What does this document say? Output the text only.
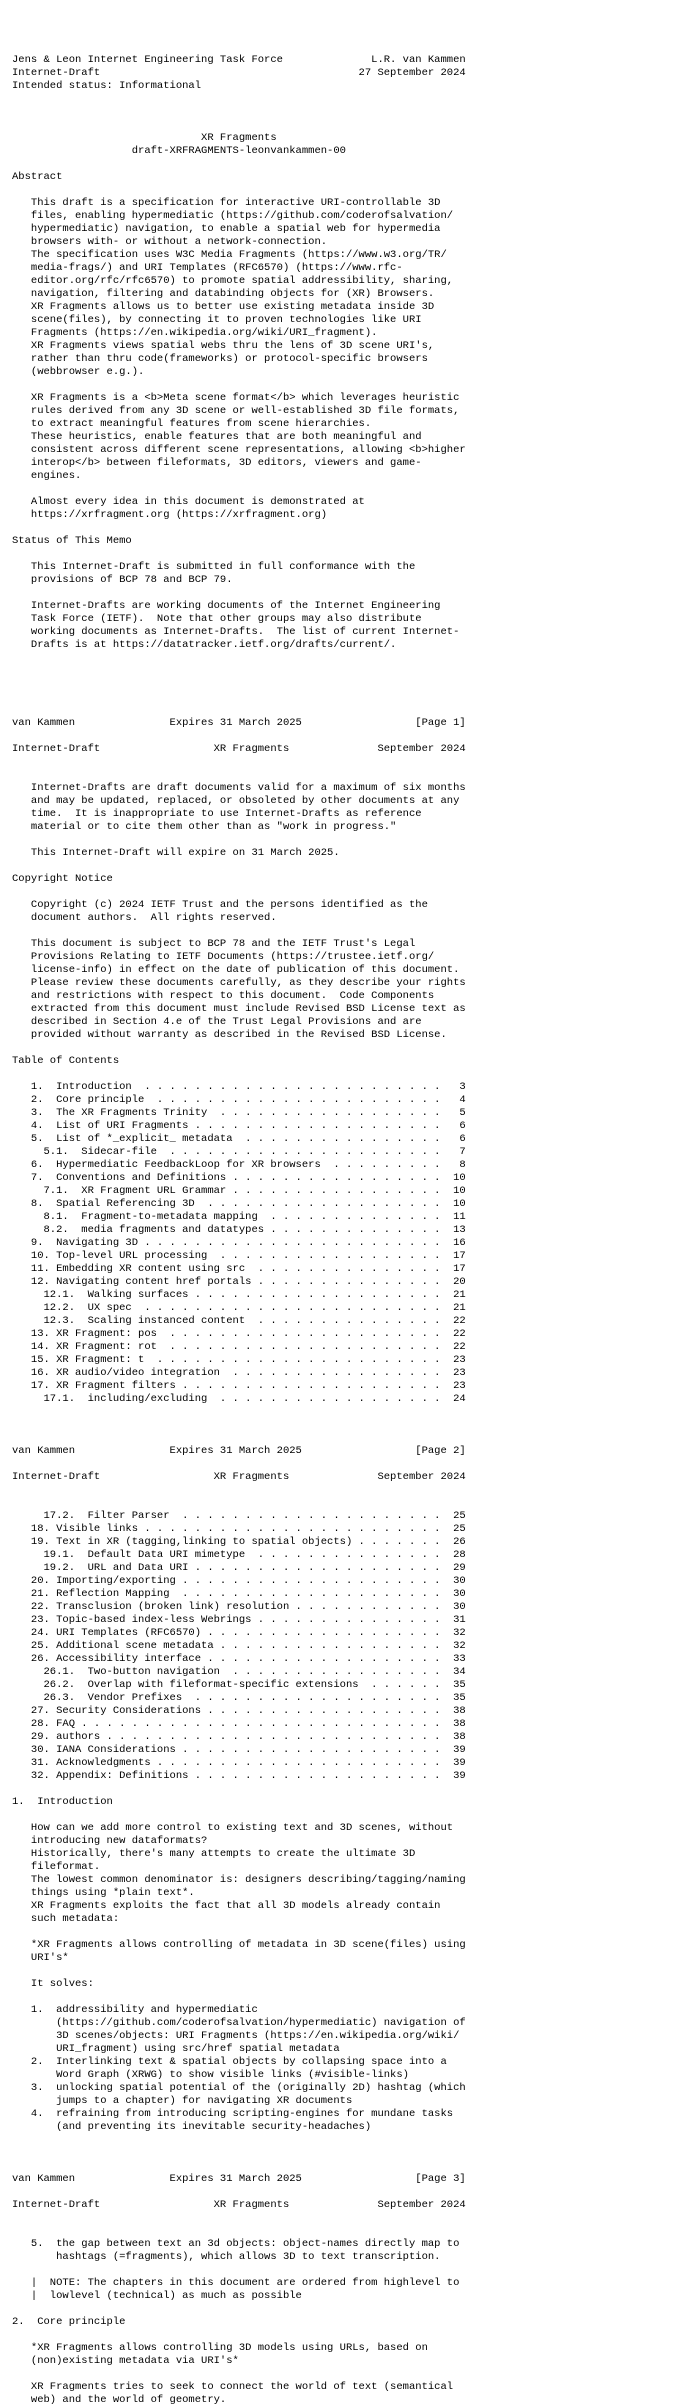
Jens & Leon Internet Engineering Task Force              L.R. van Kammen
Internet-Draft                                         27 September 2024
Intended status: Informational
XR Fragments
draft-XRFRAGMENTS-leonvankammen-00
Abstract
This draft is a specification for interactive URI-controllable 3D
files, enabling hypermediatic (https://github.com/coderofsalvation/
hypermediatic) navigation, to enable a spatial web for hypermedia
browsers with- or without a network-connection.
The specification uses W3C Media Fragments (https://www.w3.org/TR/
media-frags/) and URI Templates (RFC6570) (https://www.rfc-
editor.org/rfc/rfc6570) to promote spatial addressibility, sharing,
navigation, filtering and databinding objects for (XR) Browsers.
XR Fragments allows us to better use existing metadata inside 3D
scene(files), by connecting it to proven technologies like URI
Fragments (https://en.wikipedia.org/wiki/URI_fragment).
XR Fragments views spatial webs thru the lens of 3D scene URI's,
rather than thru code(frameworks) or protocol-specific browsers
(webbrowser e.g.).
XR Fragments is a <b>Meta scene format</b> which leverages heuristic
rules derived from any 3D scene or well-established 3D file formats,
to extract meaningful features from scene hierarchies.
These heuristics, enable features that are both meaningful and
consistent across different scene representations, allowing <b>higher
interop</b> between fileformats, 3D editors, viewers and game-
engines.
Almost every idea in this document is demonstrated at
https://xrfragment.org (https://xrfragment.org)
Status of This Memo
This Internet-Draft is submitted in full conformance with the
provisions of BCP 78 and BCP 79.
Internet-Drafts are working documents of the Internet Engineering
Task Force (IETF).  Note that other groups may also distribute
working documents as Internet-Drafts.  The list of current Internet-
Drafts is at https://datatracker.ietf.org/drafts/current/.
van Kammen               Expires 31 March 2025                  [Page 1]
Internet-Draft                  XR Fragments              September 2024
Internet-Drafts are draft documents valid for a maximum of six months
and may be updated, replaced, or obsoleted by other documents at any
time.  It is inappropriate to use Internet-Drafts as reference
material or to cite them other than as "work in progress."
This Internet-Draft will expire on 31 March 2025.
Copyright Notice
Copyright (c) 2024 IETF Trust and the persons identified as the
document authors.  All rights reserved.
This document is subject to BCP 78 and the IETF Trust's Legal
Provisions Relating to IETF Documents (https://trustee.ietf.org/
license-info) in effect on the date of publication of this document.
Please review these documents carefully, as they describe your rights
and restrictions with respect to this document.  Code Components
extracted from this document must include Revised BSD License text as
described in Section 4.e of the Trust Legal Provisions and are
provided without warranty as described in the Revised BSD License.
Table of Contents
1.  Introduction  . . . . . . . . . . . . . . . . . . . . . . . .   3
2.  Core principle  . . . . . . . . . . . . . . . . . . . . . . .   4
3.  The XR Fragments Trinity  . . . . . . . . . . . . . . . . . .   5
4.  List of URI Fragments . . . . . . . . . . . . . . . . . . . .   6
5.  List of *_explicit_ metadata  . . . . . . . . . . . . . . . .   6
5.1.  Sidecar-file  . . . . . . . . . . . . . . . . . . . . . .   7
6.  Hypermediatic FeedbackLoop for XR browsers  . . . . . . . . .   8
7.  Conventions and Definitions . . . . . . . . . . . . . . . . .  10
7.1.  XR Fragment URL Grammar . . . . . . . . . . . . . . . . .  10
8.  Spatial Referencing 3D  . . . . . . . . . . . . . . . . . . .  10
8.1.  Fragment-to-metadata mapping  . . . . . . . . . . . . . .  11
8.2.  media fragments and datatypes . . . . . . . . . . . . . .  13
9.  Navigating 3D . . . . . . . . . . . . . . . . . . . . . . . .  16
10. Top-level URL processing  . . . . . . . . . . . . . . . . . .  17
11. Embedding XR content using src  . . . . . . . . . . . . . . .  17
12. Navigating content href portals . . . . . . . . . . . . . . .  20
12.1.  Walking surfaces . . . . . . . . . . . . . . . . . . . .  21
12.2.  UX spec  . . . . . . . . . . . . . . . . . . . . . . . .  21
12.3.  Scaling instanced content  . . . . . . . . . . . . . . .  22
13. XR Fragment: pos  . . . . . . . . . . . . . . . . . . . . . .  22
14. XR Fragment: rot  . . . . . . . . . . . . . . . . . . . . . .  22
15. XR Fragment: t  . . . . . . . . . . . . . . . . . . . . . . .  23
16. XR audio/video integration  . . . . . . . . . . . . . . . . .  23
17. XR Fragment filters . . . . . . . . . . . . . . . . . . . . .  23
17.1.  including/excluding  . . . . . . . . . . . . . . . . . .  24
van Kammen               Expires 31 March 2025                  [Page 2]
Internet-Draft                  XR Fragments              September 2024
17.2.  Filter Parser  . . . . . . . . . . . . . . . . . . . . .  25
18. Visible links . . . . . . . . . . . . . . . . . . . . . . . .  25
19. Text in XR (tagging,linking to spatial objects) . . . . . . .  26
19.1.  Default Data URI mimetype  . . . . . . . . . . . . . . .  28
19.2.  URL and Data URI . . . . . . . . . . . . . . . . . . . .  29
20. Importing/exporting . . . . . . . . . . . . . . . . . . . . .  30
21. Reflection Mapping  . . . . . . . . . . . . . . . . . . . . .  30
22. Transclusion (broken link) resolution . . . . . . . . . . . .  30
23. Topic-based index-less Webrings . . . . . . . . . . . . . . .  31
24. URI Templates (RFC6570) . . . . . . . . . . . . . . . . . . .  32
25. Additional scene metadata . . . . . . . . . . . . . . . . . .  32
26. Accessibility interface . . . . . . . . . . . . . . . . . . .  33
26.1.  Two-button navigation  . . . . . . . . . . . . . . . . .  34
26.2.  Overlap with fileformat-specific extensions  . . . . . .  35
26.3.  Vendor Prefixes  . . . . . . . . . . . . . . . . . . . .  35
27. Security Considerations . . . . . . . . . . . . . . . . . . .  38
28. FAQ . . . . . . . . . . . . . . . . . . . . . . . . . . . . .  38
29. authors . . . . . . . . . . . . . . . . . . . . . . . . . . .  38
30. IANA Considerations . . . . . . . . . . . . . . . . . . . . .  39
31. Acknowledgments . . . . . . . . . . . . . . . . . . . . . . .  39
32. Appendix: Definitions . . . . . . . . . . . . . . . . . . . .  39
1.  Introduction
How can we add more control to existing text and 3D scenes, without
introducing new dataformats?
Historically, there's many attempts to create the ultimate 3D
fileformat.
The lowest common denominator is: designers describing/tagging/naming
things using *plain text*.
XR Fragments exploits the fact that all 3D models already contain
such metadata:
*XR Fragments allows controlling of metadata in 3D scene(files) using
URI's*
It solves:
1.  addressibility and hypermediatic
(https://github.com/coderofsalvation/hypermediatic) navigation of
3D scenes/objects: URI Fragments (https://en.wikipedia.org/wiki/
URI_fragment) using src/href spatial metadata
2.  Interlinking text & spatial objects by collapsing space into a
Word Graph (XRWG) to show visible links (#visible-links)
3.  unlocking spatial potential of the (originally 2D) hashtag (which
jumps to a chapter) for navigating XR documents
4.  refraining from introducing scripting-engines for mundane tasks
(and preventing its inevitable security-headaches)
van Kammen               Expires 31 March 2025                  [Page 3]
Internet-Draft                  XR Fragments              September 2024
5.  the gap between text an 3d objects: object-names directly map to
hashtags (=fragments), which allows 3D to text transcription.
|  NOTE: The chapters in this document are ordered from highlevel to
|  lowlevel (technical) as much as possible
2.  Core principle
*XR Fragments allows controlling 3D models using URLs, based on
(non)existing metadata via URI's*
XR Fragments tries to seek to connect the world of text (semantical
web) and the world of geometry.
